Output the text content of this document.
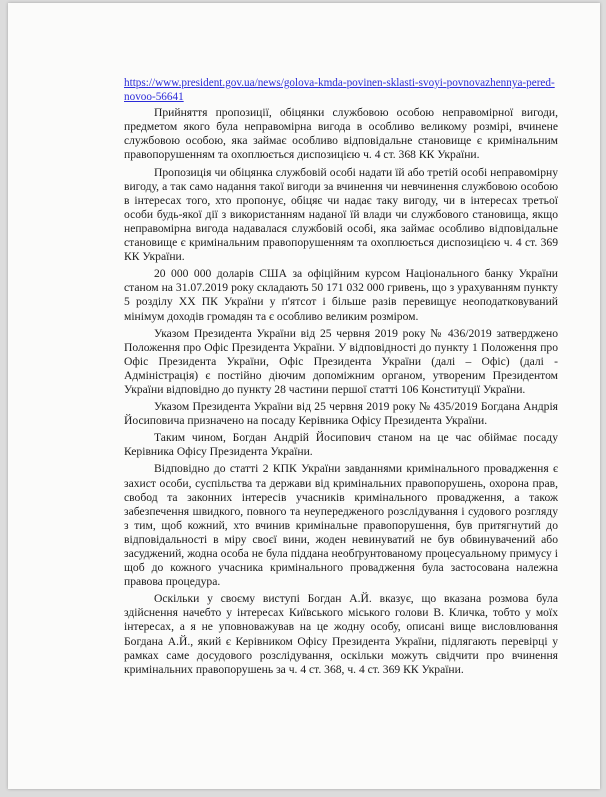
https://www.president.gov.ua/news/golova-kmda-povinen-sklasti-svoyi-povnovazhennya-pered-
novoo-56641

Прийняття пропозиції, обіцянки службовою особою неправомірної вигоди, предметом якого була неправомірна вигода в особливо великому розмірі, вчинене службовою особою, яка займає особливо відповідальне становище є кримінальним правопорушенням та охоплюється диспозицією ч. 4 ст. 368 КК України.

Пропозиція чи обіцянка службовій особі надати їй або третій особі неправомірну вигоду, а так само надання такої вигоди за вчинення чи невчинення службовою особою в інтересах того, хто пропонує, обіцяє чи надає таку вигоду, чи в інтересах третьої особи будь-якої дії з використанням наданої їй влади чи службового становища, якщо неправомірна вигода надавалася службовій особі, яка займає особливо відповідальне становище є кримінальним правопорушенням та охоплюється диспозицією ч. 4 ст. 369 КК України.

20 000 000 доларів США за офіційним курсом Національного банку України станом на 31.07.2019 року складають 50 171 032 000 гривень, що з урахуванням пункту 5 розділу XX ПК України у п'ятсот і більше разів перевищує неоподатковуваний мінімум доходів громадян та є особливо великим розміром.

Указом Президента України від 25 червня 2019 року № 436/2019 затверджено Положення про Офіс Президента України. У відповідності до пункту 1 Положення про Офіс Президента України, Офіс Президента України (далі – Офіс) (далі - Адміністрація) є постійно діючим допоміжним органом, утвореним Президентом України відповідно до пункту 28 частини першої статті 106 Конституції України.

Указом Президента України від 25 червня 2019 року № 435/2019 Богдана Андрія Йосиповича призначено на посаду Керівника Офісу Президента України.

Таким чином, Богдан Андрій Йосипович станом на це час обіймає посаду Керівника Офісу Президента України.

Відповідно до статті 2 КПК України завданнями кримінального провадження є захист особи, суспільства та держави від кримінальних правопорушень, охорона прав, свобод та законних інтересів учасників кримінального провадження, а також забезпечення швидкого, повного та неупередженого розслідування і судового розгляду з тим, щоб кожний, хто вчинив кримінальне правопорушення, був притягнутий до відповідальності в міру своєї вини, жоден невинуватий не був обвинувачений або засуджений, жодна особа не була піддана необґрунтованому процесуальному примусу і щоб до кожного учасника кримінального провадження була застосована належна правова процедура.

Оскільки у своєму виступі Богдан А.Й. вказує, що вказана розмова була здійснення начебто у інтересах Київського міського голови В. Кличка, тобто у моїх інтересах, а я не уповноважував на це жодну особу, описані вище висловлювання Богдана А.Й., який є Керівником Офісу Президента України, підлягають перевірці у рамках саме досудового розслідування, оскільки можуть свідчити про вчинення кримінальних правопорушень за ч. 4 ст. 368, ч. 4 ст. 369 КК України.
